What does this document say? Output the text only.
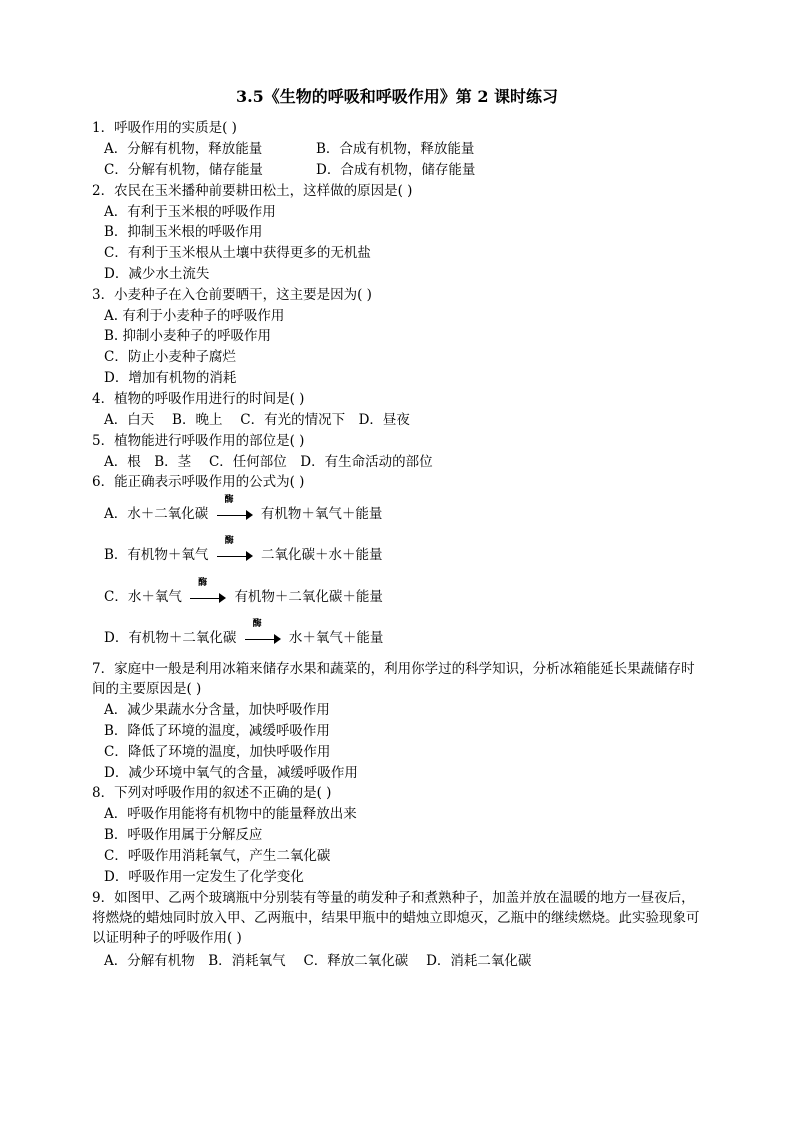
3.5《生物的呼吸和呼吸作用》第 2 课时练习
1．呼吸作用的实质是( )
A．分解有机物，释放能量	B．合成有机物，释放能量
C．分解有机物，储存能量	D．合成有机物，储存能量
2．农民在玉米播种前要耕田松土，这样做的原因是( )
A．有利于玉米根的呼吸作用
B．抑制玉米根的呼吸作用
C．有利于玉米根从土壤中获得更多的无机盐
D．减少水土流失
3．小麦种子在入仓前要晒干，这主要是因为( )
A. 有利于小麦种子的呼吸作用
B. 抑制小麦种子的呼吸作用
C．防止小麦种子腐烂
D．增加有机物的消耗
4．植物的呼吸作用进行的时间是( )
A．白天　 B．晚上　 C．有光的情况下　D．昼夜
5．植物能进行呼吸作用的部位是( )
A．根　B．茎　 C．任何部位　D．有生命活动的部位
6．能正确表示呼吸作用的公式为( )
A．水＋二氧化碳
酶
有机物＋氧气＋能量
B．有机物＋氧气
酶
二氧化碳＋水＋能量
C．水＋氧气
酶
有机物＋二氧化碳＋能量
D．有机物＋二氧化碳
酶
水＋氧气＋能量
7．家庭中一般是利用冰箱来储存水果和蔬菜的，利用你学过的科学知识，分析冰箱能延长果蔬储存时间的主要原因是( )
A．减少果蔬水分含量，加快呼吸作用
B．降低了环境的温度，减缓呼吸作用
C．降低了环境的温度，加快呼吸作用
D．减少环境中氧气的含量，减缓呼吸作用
8．下列对呼吸作用的叙述不正确的是( )
A．呼吸作用能将有机物中的能量释放出来
B．呼吸作用属于分解反应
C．呼吸作用消耗氧气，产生二氧化碳
D．呼吸作用一定发生了化学变化
9．如图甲、乙两个玻璃瓶中分别装有等量的萌发种子和煮熟种子，加盖并放在温暖的地方一昼夜后，将燃烧的蜡烛同时放入甲、乙两瓶中，结果甲瓶中的蜡烛立即熄灭，乙瓶中的继续燃烧。此实验现象可以证明种子的呼吸作用( )
A．分解有机物　B．消耗氧气　 C．释放二氧化碳　 D．消耗二氧化碳
